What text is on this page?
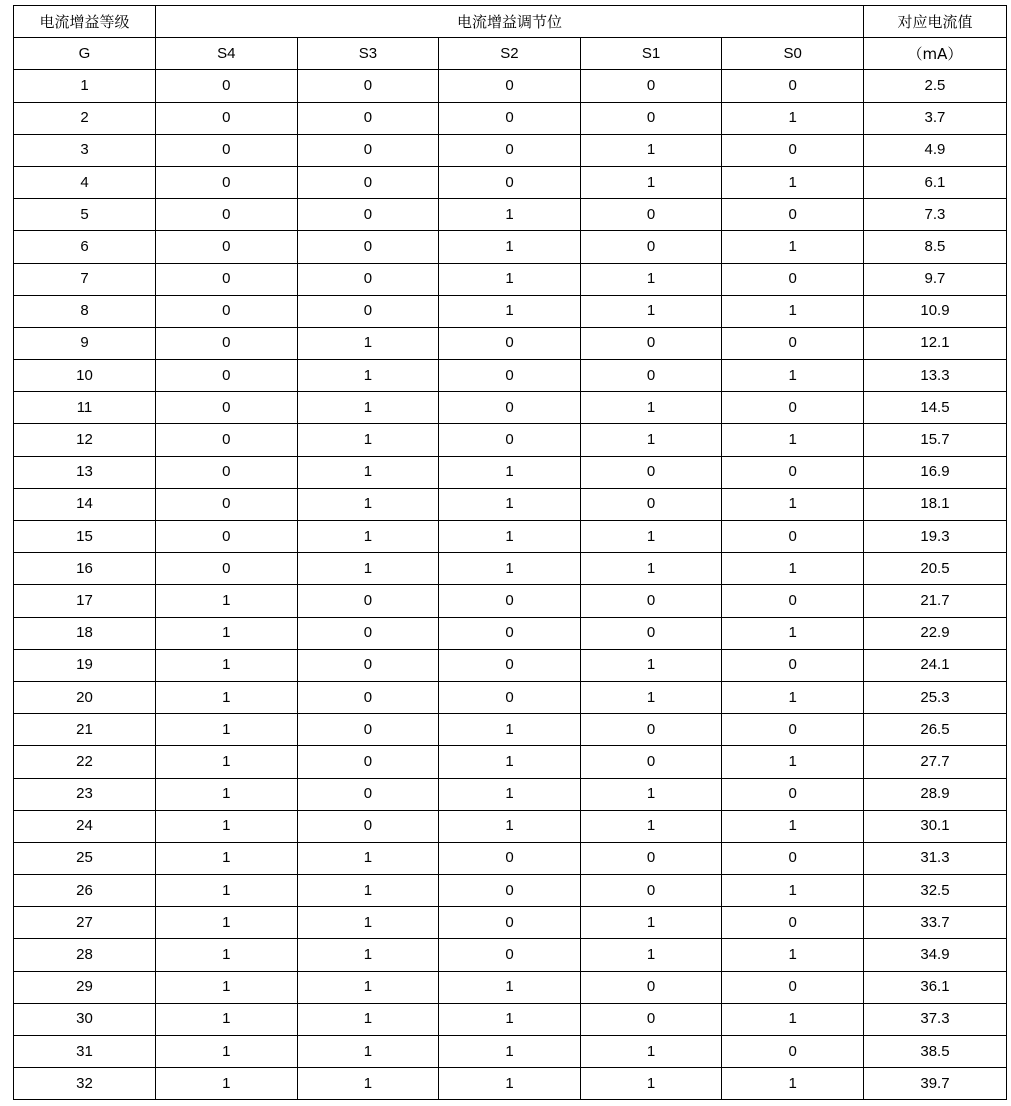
电流增益等级	电流增益调节位					对应电流值
G	S4	S3	S2	S1	S0	（mA）
1	0	0	0	0	0	2.5
2	0	0	0	0	1	3.7
3	0	0	0	1	0	4.9
4	0	0	0	1	1	6.1
5	0	0	1	0	0	7.3
6	0	0	1	0	1	8.5
7	0	0	1	1	0	9.7
8	0	0	1	1	1	10.9
9	0	1	0	0	0	12.1
10	0	1	0	0	1	13.3
11	0	1	0	1	0	14.5
12	0	1	0	1	1	15.7
13	0	1	1	0	0	16.9
14	0	1	1	0	1	18.1
15	0	1	1	1	0	19.3
16	0	1	1	1	1	20.5
17	1	0	0	0	0	21.7
18	1	0	0	0	1	22.9
19	1	0	0	1	0	24.1
20	1	0	0	1	1	25.3
21	1	0	1	0	0	26.5
22	1	0	1	0	1	27.7
23	1	0	1	1	0	28.9
24	1	0	1	1	1	30.1
25	1	1	0	0	0	31.3
26	1	1	0	0	1	32.5
27	1	1	0	1	0	33.7
28	1	1	0	1	1	34.9
29	1	1	1	0	0	36.1
30	1	1	1	0	1	37.3
31	1	1	1	1	0	38.5
32	1	1	1	1	1	39.7
